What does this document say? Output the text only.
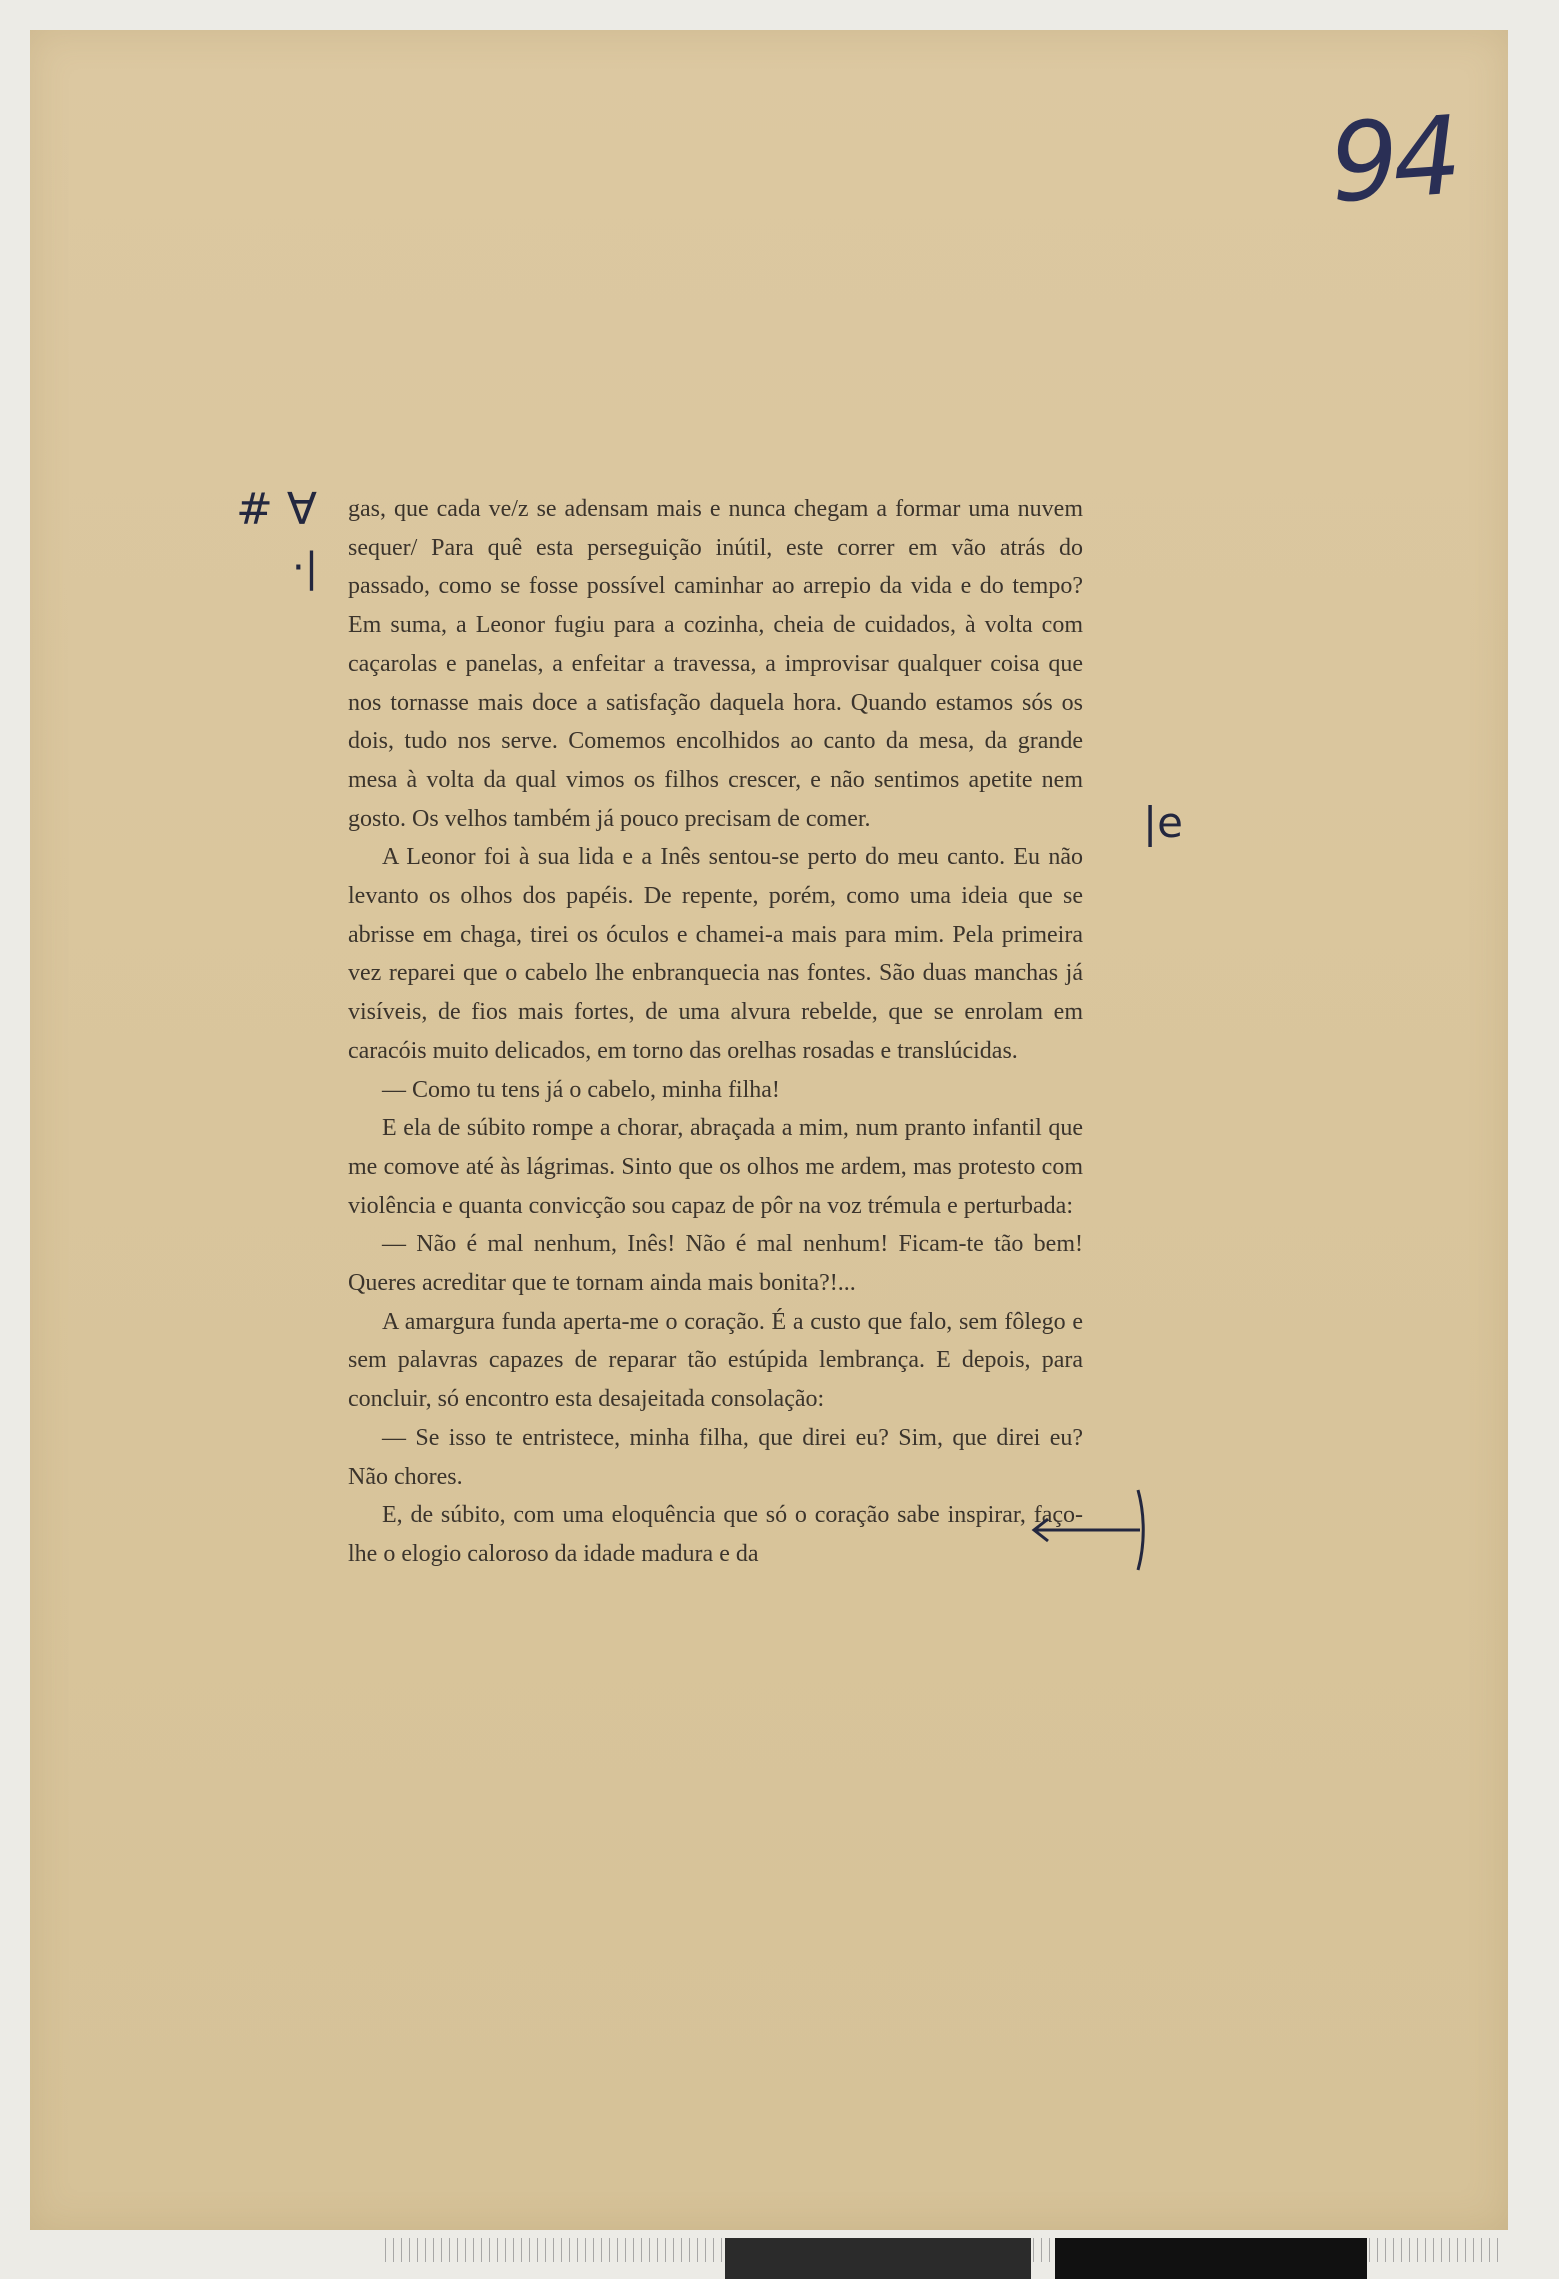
94
# ∀
·|
|e

gas, que cada ve/z se adensam mais e nunca chegam a formar uma nuvem sequer/ Para quê esta perseguição inútil, este correr em vão atrás do passado, como se fosse possível caminhar ao arrepio da vida e do tempo? Em suma, a Leonor fugiu para a cozinha, cheia de cuidados, à volta com caçarolas e panelas, a enfeitar a travessa, a improvisar qualquer coisa que nos tornasse mais doce a satisfação daquela hora. Quando estamos sós os dois, tudo nos serve. Comemos encolhidos ao canto da mesa, da grande mesa à volta da qual vimos os filhos crescer, e não sentimos apetite nem gosto. Os velhos também já pouco precisam de comer.

A Leonor foi à sua lida e a Inês sentou-se perto do meu canto. Eu não levanto os olhos dos papéis. De repente, porém, como uma ideia que se abrisse em chaga, tirei os óculos e chamei-a mais para mim. Pela primeira vez reparei que o cabelo lhe enbranquecia nas fontes. São duas manchas já visíveis, de fios mais fortes, de uma alvura rebelde, que se enrolam em caracóis muito delicados, em torno das orelhas rosadas e translúcidas.

— Como tu tens já o cabelo, minha filha!

E ela de súbito rompe a chorar, abraçada a mim, num pranto infantil que me comove até às lágrimas. Sinto que os olhos me ardem, mas protesto com violência e quanta convicção sou capaz de pôr na voz trémula e perturbada:

— Não é mal nenhum, Inês! Não é mal nenhum! Ficam-te tão bem! Queres acreditar que te tornam ainda mais bonita?!...

A amargura funda aperta-me o coração. É a custo que falo, sem fôlego e sem palavras capazes de reparar tão estúpida lembrança. E depois, para concluir, só encontro esta desajeitada consolação:

— Se isso te entristece, minha filha, que direi eu? Sim, que direi eu? Não chores.

E, de súbito, com uma eloquência que só o coração sabe inspirar, faço-lhe o elogio caloroso da idade madura e da
